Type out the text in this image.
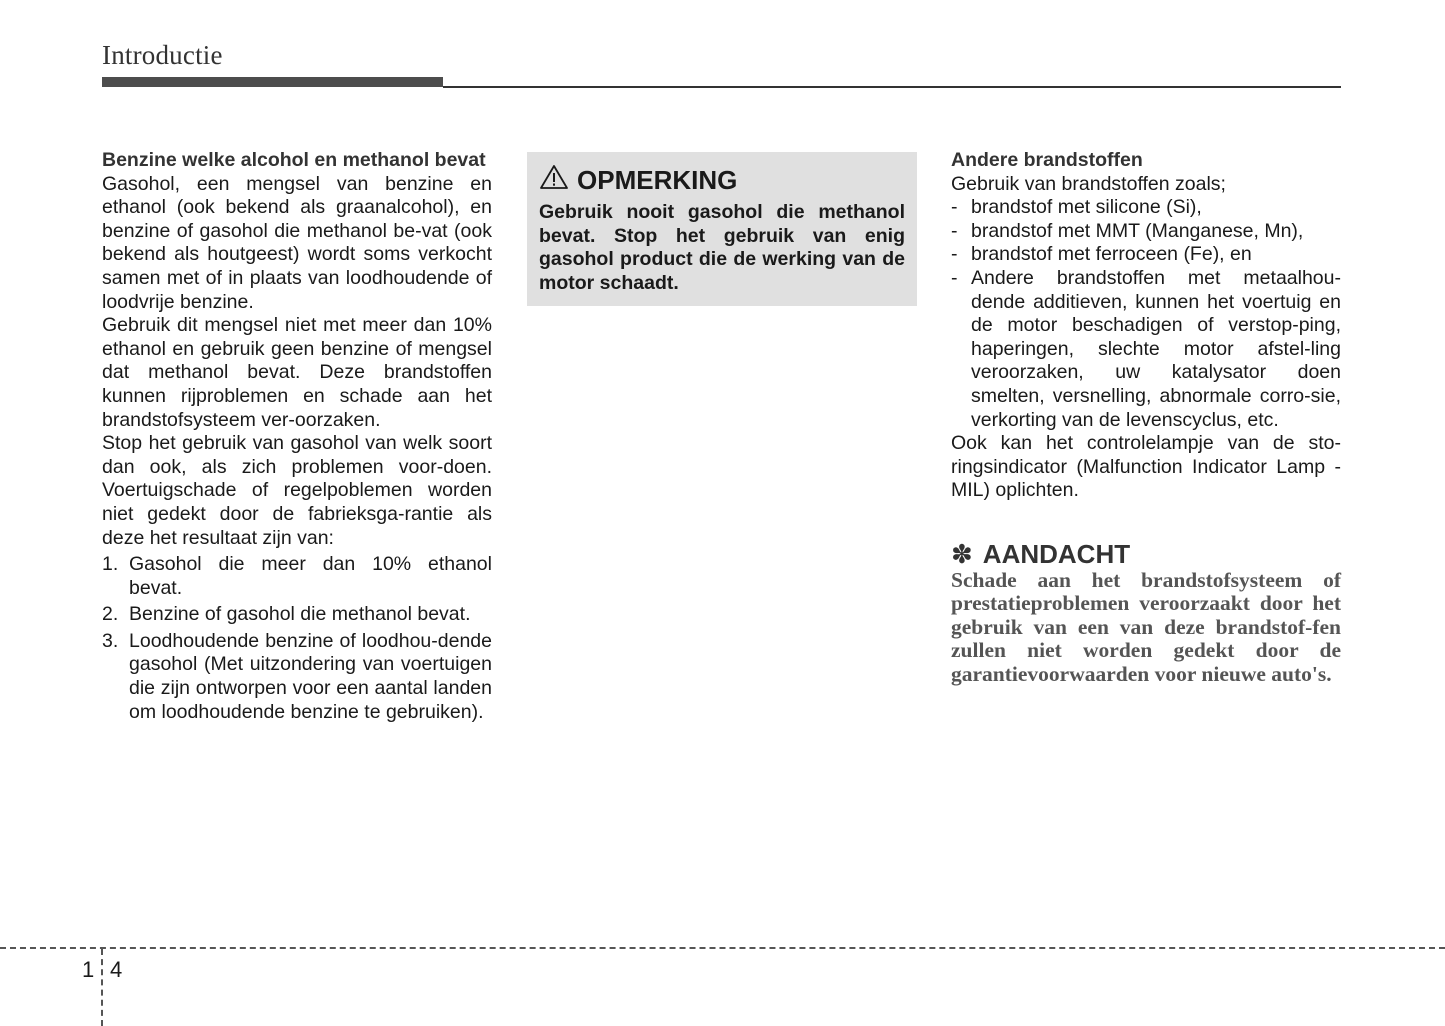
Introductie

Benzine welke alcohol en methanol bevat

Gasohol, een mengsel van benzine en ethanol (ook bekend als graanalcohol), en benzine of gasohol die methanol be-vat (ook bekend als houtgeest) wordt soms verkocht samen met of in plaats van loodhoudende of loodvrije benzine.

Gebruik dit mengsel niet met meer dan 10% ethanol en gebruik geen benzine of mengsel dat methanol bevat. Deze brandstoffen kunnen rijproblemen en schade aan het brandstofsysteem ver-oorzaken.

Stop het gebruik van gasohol van welk soort dan ook, als zich problemen voor-doen. Voertuigschade of regelpoblemen worden niet gedekt door de fabrieksga-rantie als deze het resultaat zijn van:

1. Gasohol die meer dan 10% ethanol bevat.
2. Benzine of gasohol die methanol bevat.
3. Loodhoudende benzine of loodhou-dende gasohol (Met uitzondering van voertuigen die zijn ontworpen voor een aantal landen om loodhoudende benzine te gebruiken).
OPMERKING

Gebruik nooit gasohol die methanol bevat. Stop het gebruik van enig gasohol product die de werking van de motor schaadt.

Andere brandstoffen

Gebruik van brandstoffen zoals;

- brandstof met silicone (Si),
- brandstof met MMT (Manganese, Mn),
- brandstof met ferroceen (Fe), en
- Andere brandstoffen met metaalhou-dende additieven, kunnen het voertuig en de motor beschadigen of verstop-ping, haperingen, slechte motor afstel-ling veroorzaken, uw katalysator doen smelten, versnelling, abnormale corro-sie, verkorting van de levenscyclus, etc.

Ook kan het controlelampje van de sto-ringsindicator (Malfunction Indicator Lamp - MIL) oplichten.

✽ AANDACHT

Schade aan het brandstofsysteem of prestatieproblemen veroorzaakt door het gebruik van een van deze brandstof-fen zullen niet worden gedekt door de garantievoorwaarden voor nieuwe auto's.

1 4
